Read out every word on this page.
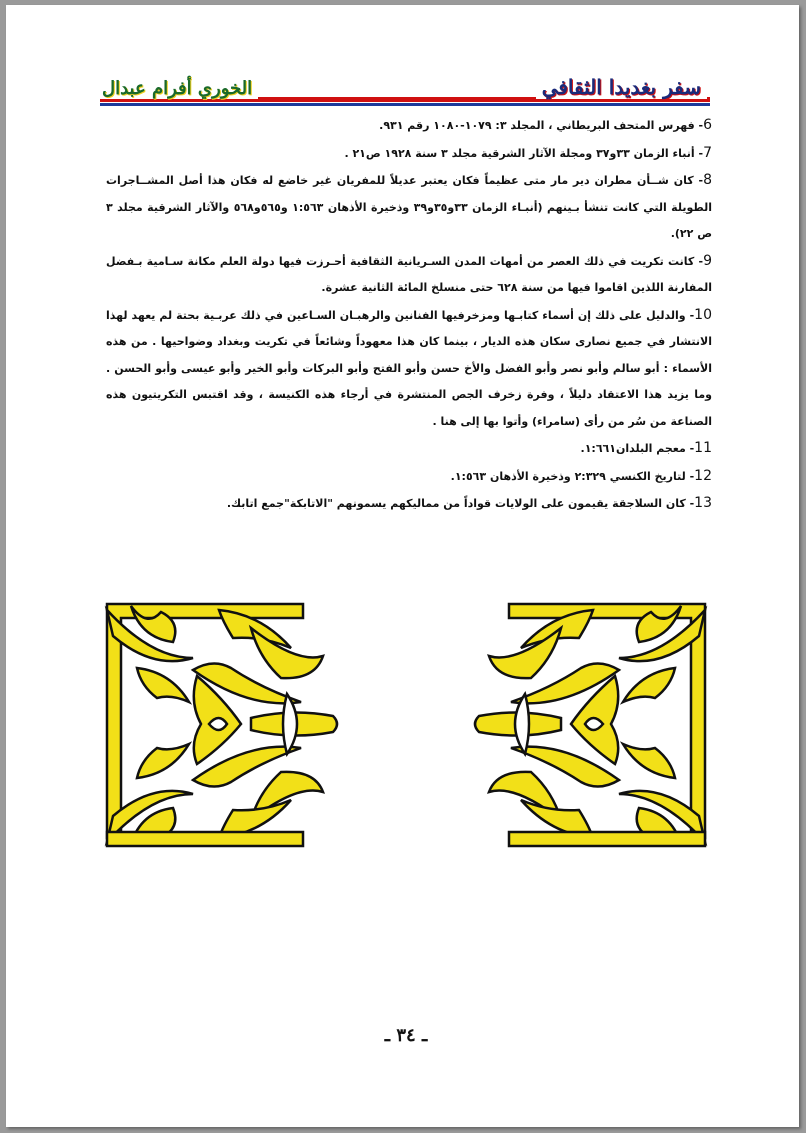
سفر بغديدا الثقافي
الخوري أفرام عبدال

6- فهرس المتحف البريطاني ، المجلد ٣: ١٠٧٩-١٠٨٠ رقم ٩٣١.

7- أنباء الزمان ٣٣و٣٧ ومجلة الآثار الشرقية مجلد ٣ سنة ١٩٢٨ ص٢١ .

8- كان شــأن مطران دير مار متى عظيماً فكان يعتبر عديلاً للمفريان غير خاضع له فكان هذا أصل المشــاجرات الطويلة التي كانت تنشأ بـينهم (أنبـاء الزمان ٣٣و٣٥و٣٩ وذخيرة الأذهان ١:٥٦٣ و٥٦٥و٥٦٨ والآثار الشرقية مجلد ٣ ص ٢٢).

9- كانت تكريت في ذلك العصر من أمهات المدن السـريانية الثقافية أحـرزت فيها دولة العلم مكانة سـامية بـفضل المفارنة اللذين اقاموا فيها من سنة ٦٢٨ حتى منسلخ المائة الثانية عشرة.

10- والدليل على ذلك إن أسماء كتابـها ومزخرفيها الفنانين والرهبـان السـاعين في ذلك عربـية بحتة لم يعهد لهذا الانتشار في جميع نصارى سكان هذه الديار ، بينما كان هذا معهوداً وشائعاً في تكريت وبغداد وضواحيها . من هذه الأسماء : أبو سالم وأبو نصر وأبو الفضل والأخ حسن وأبو الفتح وأبو البركات وأبو الخير وأبو عيسى وأبو الحسن . وما يزيد هذا الاعتقاد دليلاً ، وفرة زخرف الجص المنتشرة في أرجاء هذه الكنيسة ، وقد اقتبس التكريتيون هذه الصناعة من سُر من رأى (سامراء) وأتوا بها إلى هنا .

11- معجم البلدان١:٦٦١.

12- لتاريخ الكنسي ٢:٣٢٩ وذخيرة الأذهان ١:٥٦٣.

13- كان السلاجقة يقيمون على الولايات قواداً من مماليكهم يسمونهم "الاتابكة"جمع اتابك.

ـ ٣٤ ـ
